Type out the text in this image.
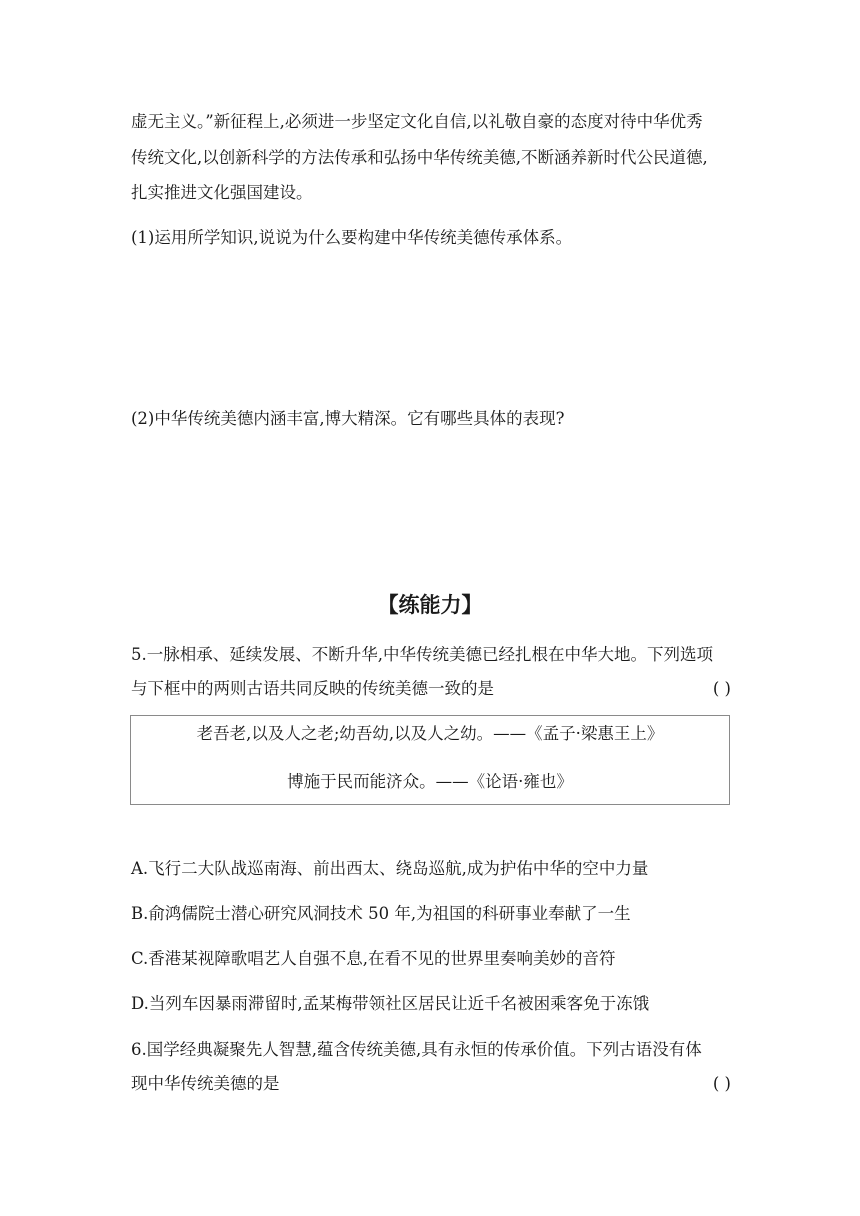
虚无主义。”新征程上,必须进一步坚定文化自信,以礼敬自豪的态度对待中华优秀
传统文化,以创新科学的方法传承和弘扬中华传统美德,不断涵养新时代公民道德,
扎实推进文化强国建设。
(1)运用所学知识,说说为什么要构建中华传统美德传承体系。
(2)中华传统美德内涵丰富,博大精深。它有哪些具体的表现?
【练能力】
5.一脉相承、延续发展、不断升华,中华传统美德已经扎根在中华大地。下列选项
与下框中的两则古语共同反映的传统美德一致的是	( )
老吾老,以及人之老;幼吾幼,以及人之幼。——《孟子·梁惠王上》
博施于民而能济众。——《论语·雍也》
A.飞行二大队战巡南海、前出西太、绕岛巡航,成为护佑中华的空中力量
B.俞鸿儒院士潜心研究风洞技术 50 年,为祖国的科研事业奉献了一生
C.香港某视障歌唱艺人自强不息,在看不见的世界里奏响美妙的音符
D.当列车因暴雨滞留时,孟某梅带领社区居民让近千名被困乘客免于冻饿
6.国学经典凝聚先人智慧,蕴含传统美德,具有永恒的传承价值。下列古语没有体
现中华传统美德的是	( )
